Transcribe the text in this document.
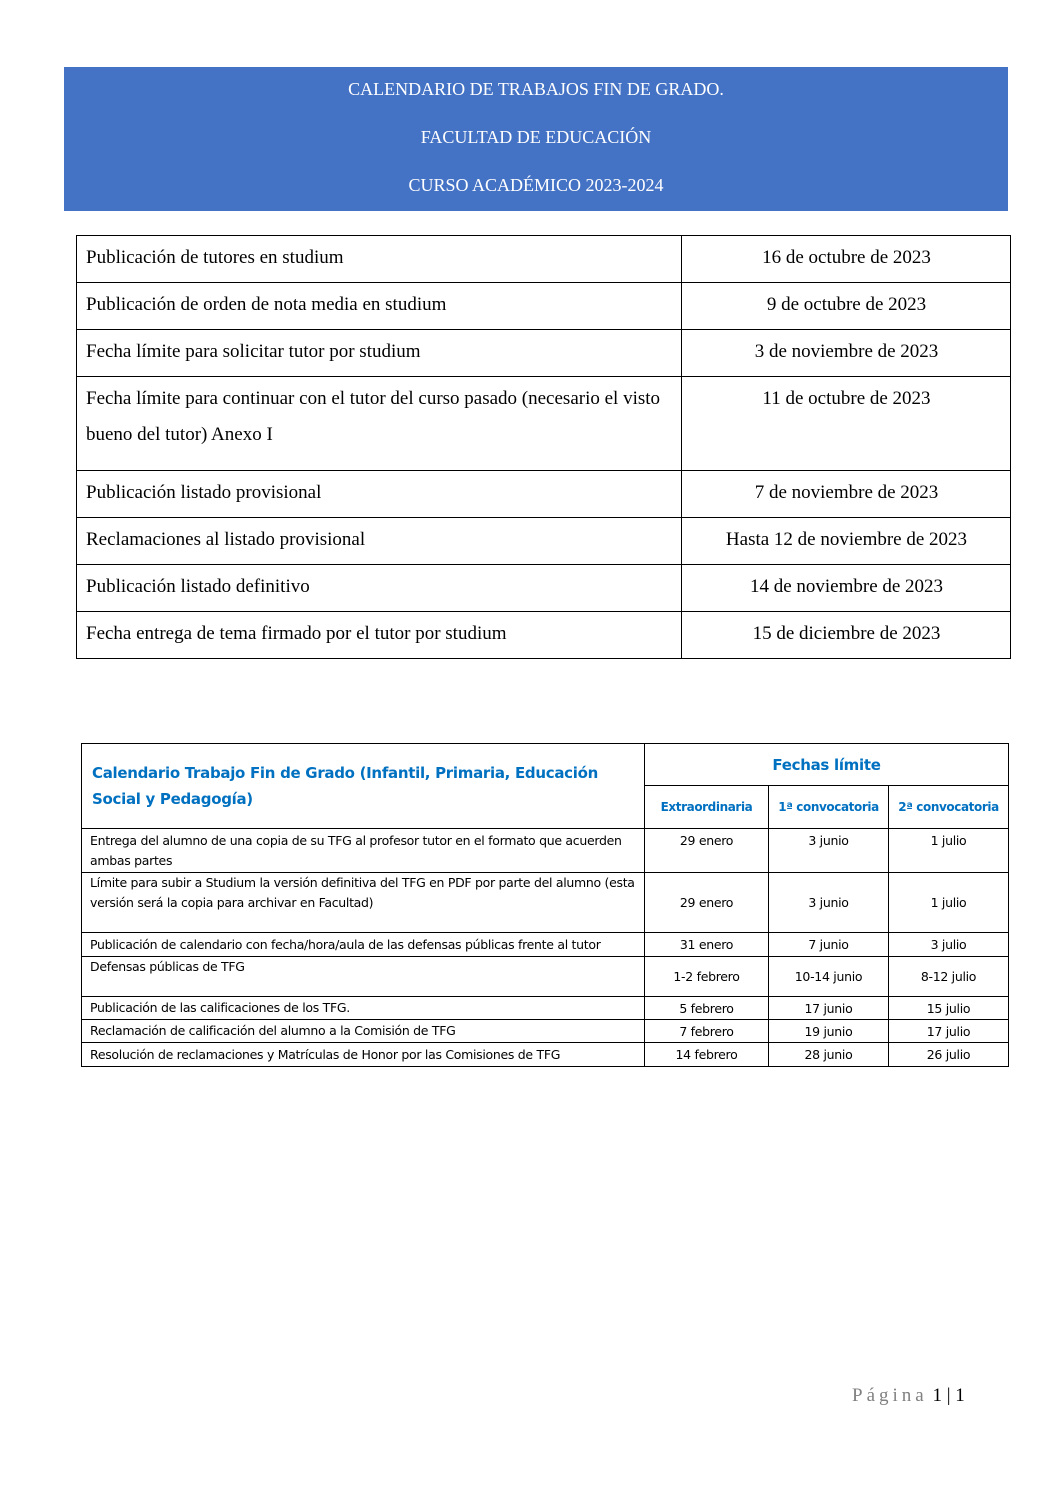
CALENDARIO DE TRABAJOS FIN DE GRADO.
FACULTAD DE EDUCACIÓN
CURSO ACADÉMICO 2023-2024
Publicación de tutores en studium	16 de octubre de 2023
Publicación de orden de nota media en studium	9 de octubre de 2023
Fecha límite para solicitar tutor por studium	3 de noviembre de 2023
Fecha límite para continuar con el tutor del curso pasado (necesario el visto bueno del tutor) Anexo I	11 de octubre de 2023
Publicación listado provisional	7 de noviembre de 2023
Reclamaciones al listado provisional	Hasta 12 de noviembre de 2023
Publicación listado definitivo	14 de noviembre de 2023
Fecha entrega de tema firmado por el tutor por studium	15 de diciembre de 2023
Calendario Trabajo Fin de Grado (Infantil, Primaria, Educación Social y Pedagogía)	Fechas límite		
	Extraordinaria	1ª convocatoria	2ª convocatoria
Entrega del alumno de una copia de su TFG al profesor tutor en el formato que acuerden ambas partes	29 enero	3 junio	1 julio
Límite para subir a Studium la versión definitiva del TFG en PDF por parte del alumno (esta versión será la copia para archivar en Facultad)	29 enero	3 junio	1 julio
Publicación de calendario con fecha/hora/aula de las defensas públicas frente al tutor	31 enero	7 junio	3 julio
Defensas públicas de TFG	1-2 febrero	10-14 junio	8-12 julio
Publicación de las calificaciones de los TFG.	5 febrero	17 junio	15 julio
Reclamación de calificación del alumno a la Comisión de TFG	7 febrero	19 junio	17 julio
Resolución de reclamaciones y Matrículas de Honor por las Comisiones de TFG	14 febrero	28 junio	26 julio
Página 1 | 1
